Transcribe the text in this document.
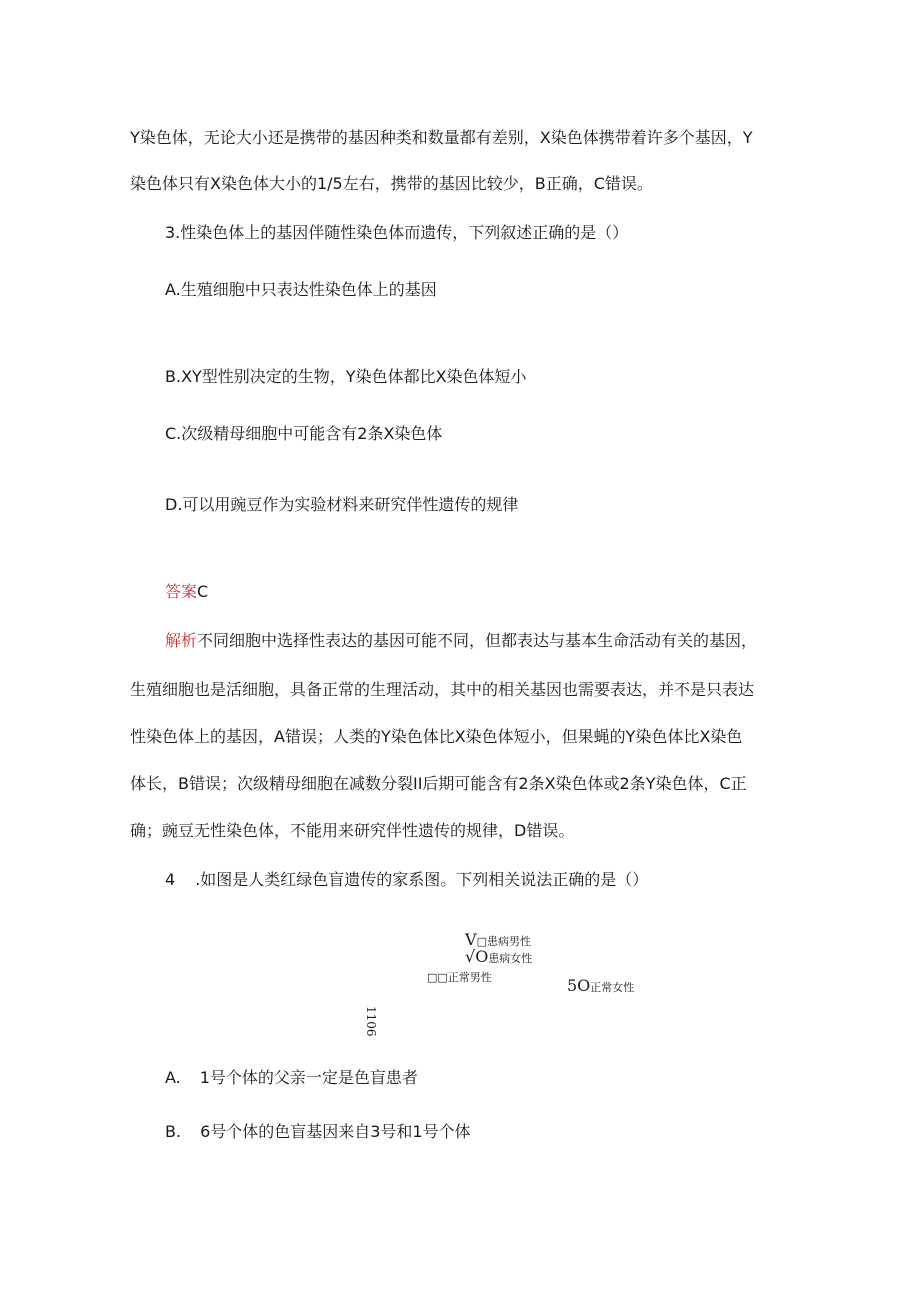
Y染色体，无论大小还是携带的基因种类和数量都有差别，X染色体携带着许多个基因，Y
染色体只有X染色体大小的1/5左右，携带的基因比较少，B正确，C错误。
3.性染色体上的基因伴随性染色体而遗传，下列叙述正确的是（）
A.生殖细胞中只表达性染色体上的基因
B.XY型性别决定的生物，Y染色体都比X染色体短小
C.次级精母细胞中可能含有2条X染色体
D.可以用豌豆作为实验材料来研究伴性遗传的规律
答案C
解析不同细胞中选择性表达的基因可能不同，但都表达与基本生命活动有关的基因，
生殖细胞也是活细胞，具备正常的生理活动，其中的相关基因也需要表达，并不是只表达
性染色体上的基因，A错误；人类的Y染色体比X染色体短小，但果蝇的Y染色体比X染色
体长，B错误；次级精母细胞在减数分裂II后期可能含有2条X染色体或2条Y染色体，C正
确；豌豆无性染色体，不能用来研究伴性遗传的规律，D错误。
4 .如图是人类红绿色盲遗传的家系图。下列相关说法正确的是（）
V□患病男性
√O患病女性
□□正常男性	5O正常女性
1106
A. 1号个体的父亲一定是色盲患者
B. 6号个体的色盲基因来自3号和1号个体
